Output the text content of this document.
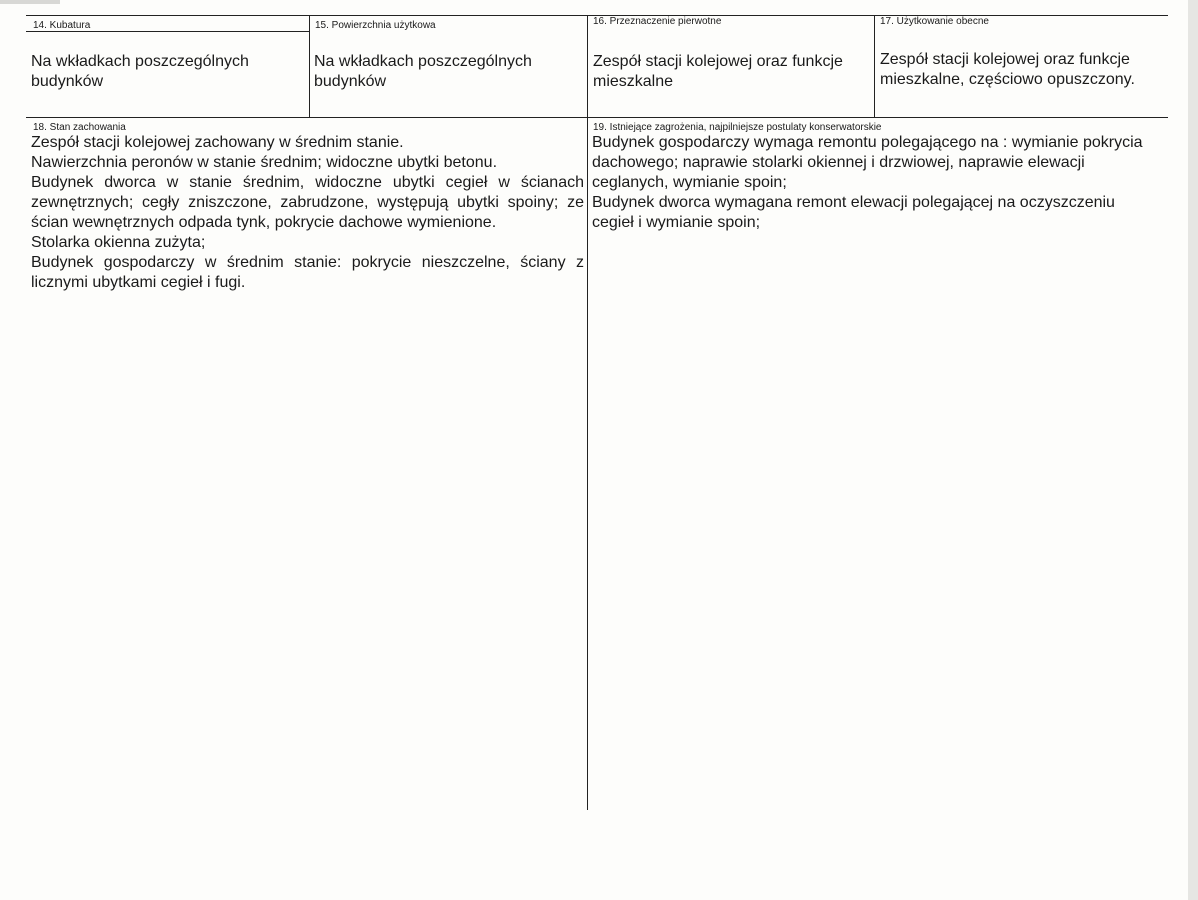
14. Kubatura
Na wkładkach poszczególnych budynków
15. Powierzchnia użytkowa
Na wkładkach poszczególnych budynków
16. Przeznaczenie pierwotne
Zespół stacji kolejowej oraz funkcje mieszkalne
17. Użytkowanie obecne
Zespół stacji kolejowej oraz funkcje mieszkalne, częściowo opuszczony.
18. Stan zachowania

Zespół stacji kolejowej zachowany w średnim stanie.

Nawierzchnia peronów w stanie średnim; widoczne ubytki betonu.

Budynek dworca w stanie średnim, widoczne ubytki cegieł w ścianach zewnętrznych; cegły zniszczone, zabrudzone, występują ubytki spoiny; ze ścian wewnętrznych odpada tynk, pokrycie dachowe wymienione.

Stolarka okienna zużyta;

Budynek gospodarczy w średnim stanie: pokrycie nieszczelne, ściany z licznymi ubytkami cegieł i fugi.

19. Istniejące zagrożenia, najpilniejsze postulaty konserwatorskie

Budynek gospodarczy wymaga remontu polegającego na : wymianie pokrycia dachowego; naprawie stolarki okiennej i drzwiowej, naprawie elewacji ceglanych, wymianie spoin;

Budynek dworca wymagana remont elewacji polegającej na oczyszczeniu cegieł i wymianie spoin;
